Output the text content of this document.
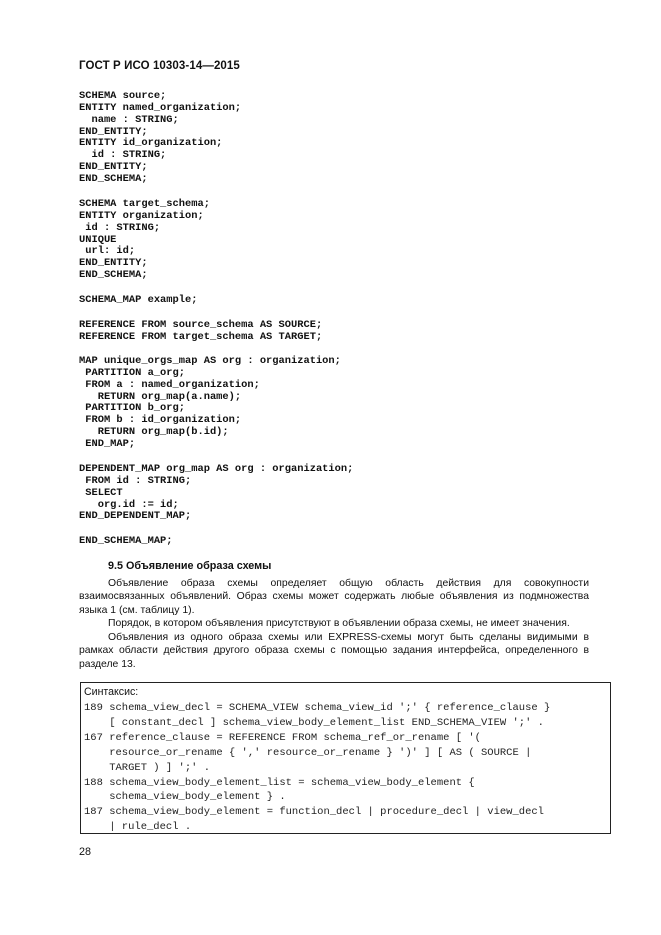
ГОСТ Р ИСО 10303-14—2015
SCHEMA source;
ENTITY named_organization;
name : STRING;
END_ENTITY;
ENTITY id_organization;
id : STRING;
END_ENTITY;
END_SCHEMA;
SCHEMA target_schema;
ENTITY organization;
id : STRING;
UNIQUE
url: id;
END_ENTITY;
END_SCHEMA;
SCHEMA_MAP example;
REFERENCE FROM source_schema AS SOURCE;
REFERENCE FROM target_schema AS TARGET;
MAP unique_orgs_map AS org : organization;
PARTITION a_org;
FROM a : named_organization;
RETURN org_map(a.name);
PARTITION b_org;
FROM b : id_organization;
RETURN org_map(b.id);
END_MAP;
DEPENDENT_MAP org_map AS org : organization;
FROM id : STRING;
SELECT
org.id := id;
END_DEPENDENT_MAP;
END_SCHEMA_MAP;
9.5 Объявление образа схемы

Объявление образа схемы определяет общую область действия для совокупности взаимосвязанных объявлений. Образ схемы может содержать любые объявления из подмножества языка 1 (см. таблицу 1).

Порядок, в котором объявления присутствуют в объявлении образа схемы, не имеет значения.

Объявления из одного образа схемы или EXPRESS-схемы могут быть сделаны видимыми в рамках области действия другого образа схемы с помощью задания интерфейса, определенного в разделе 13.

Синтаксис:
189 schema_view_decl = SCHEMA_VIEW schema_view_id ';' { reference_clause }
[ constant_decl ] schema_view_body_element_list END_SCHEMA_VIEW ';' .
167 reference_clause = REFERENCE FROM schema_ref_or_rename [ '(
resource_or_rename { ',' resource_or_rename } ')' ] [ AS ( SOURCE |
TARGET ) ] ';' .
188 schema_view_body_element_list = schema_view_body_element {
schema_view_body_element } .
187 schema_view_body_element = function_decl | procedure_decl | view_decl
| rule_decl .
28
